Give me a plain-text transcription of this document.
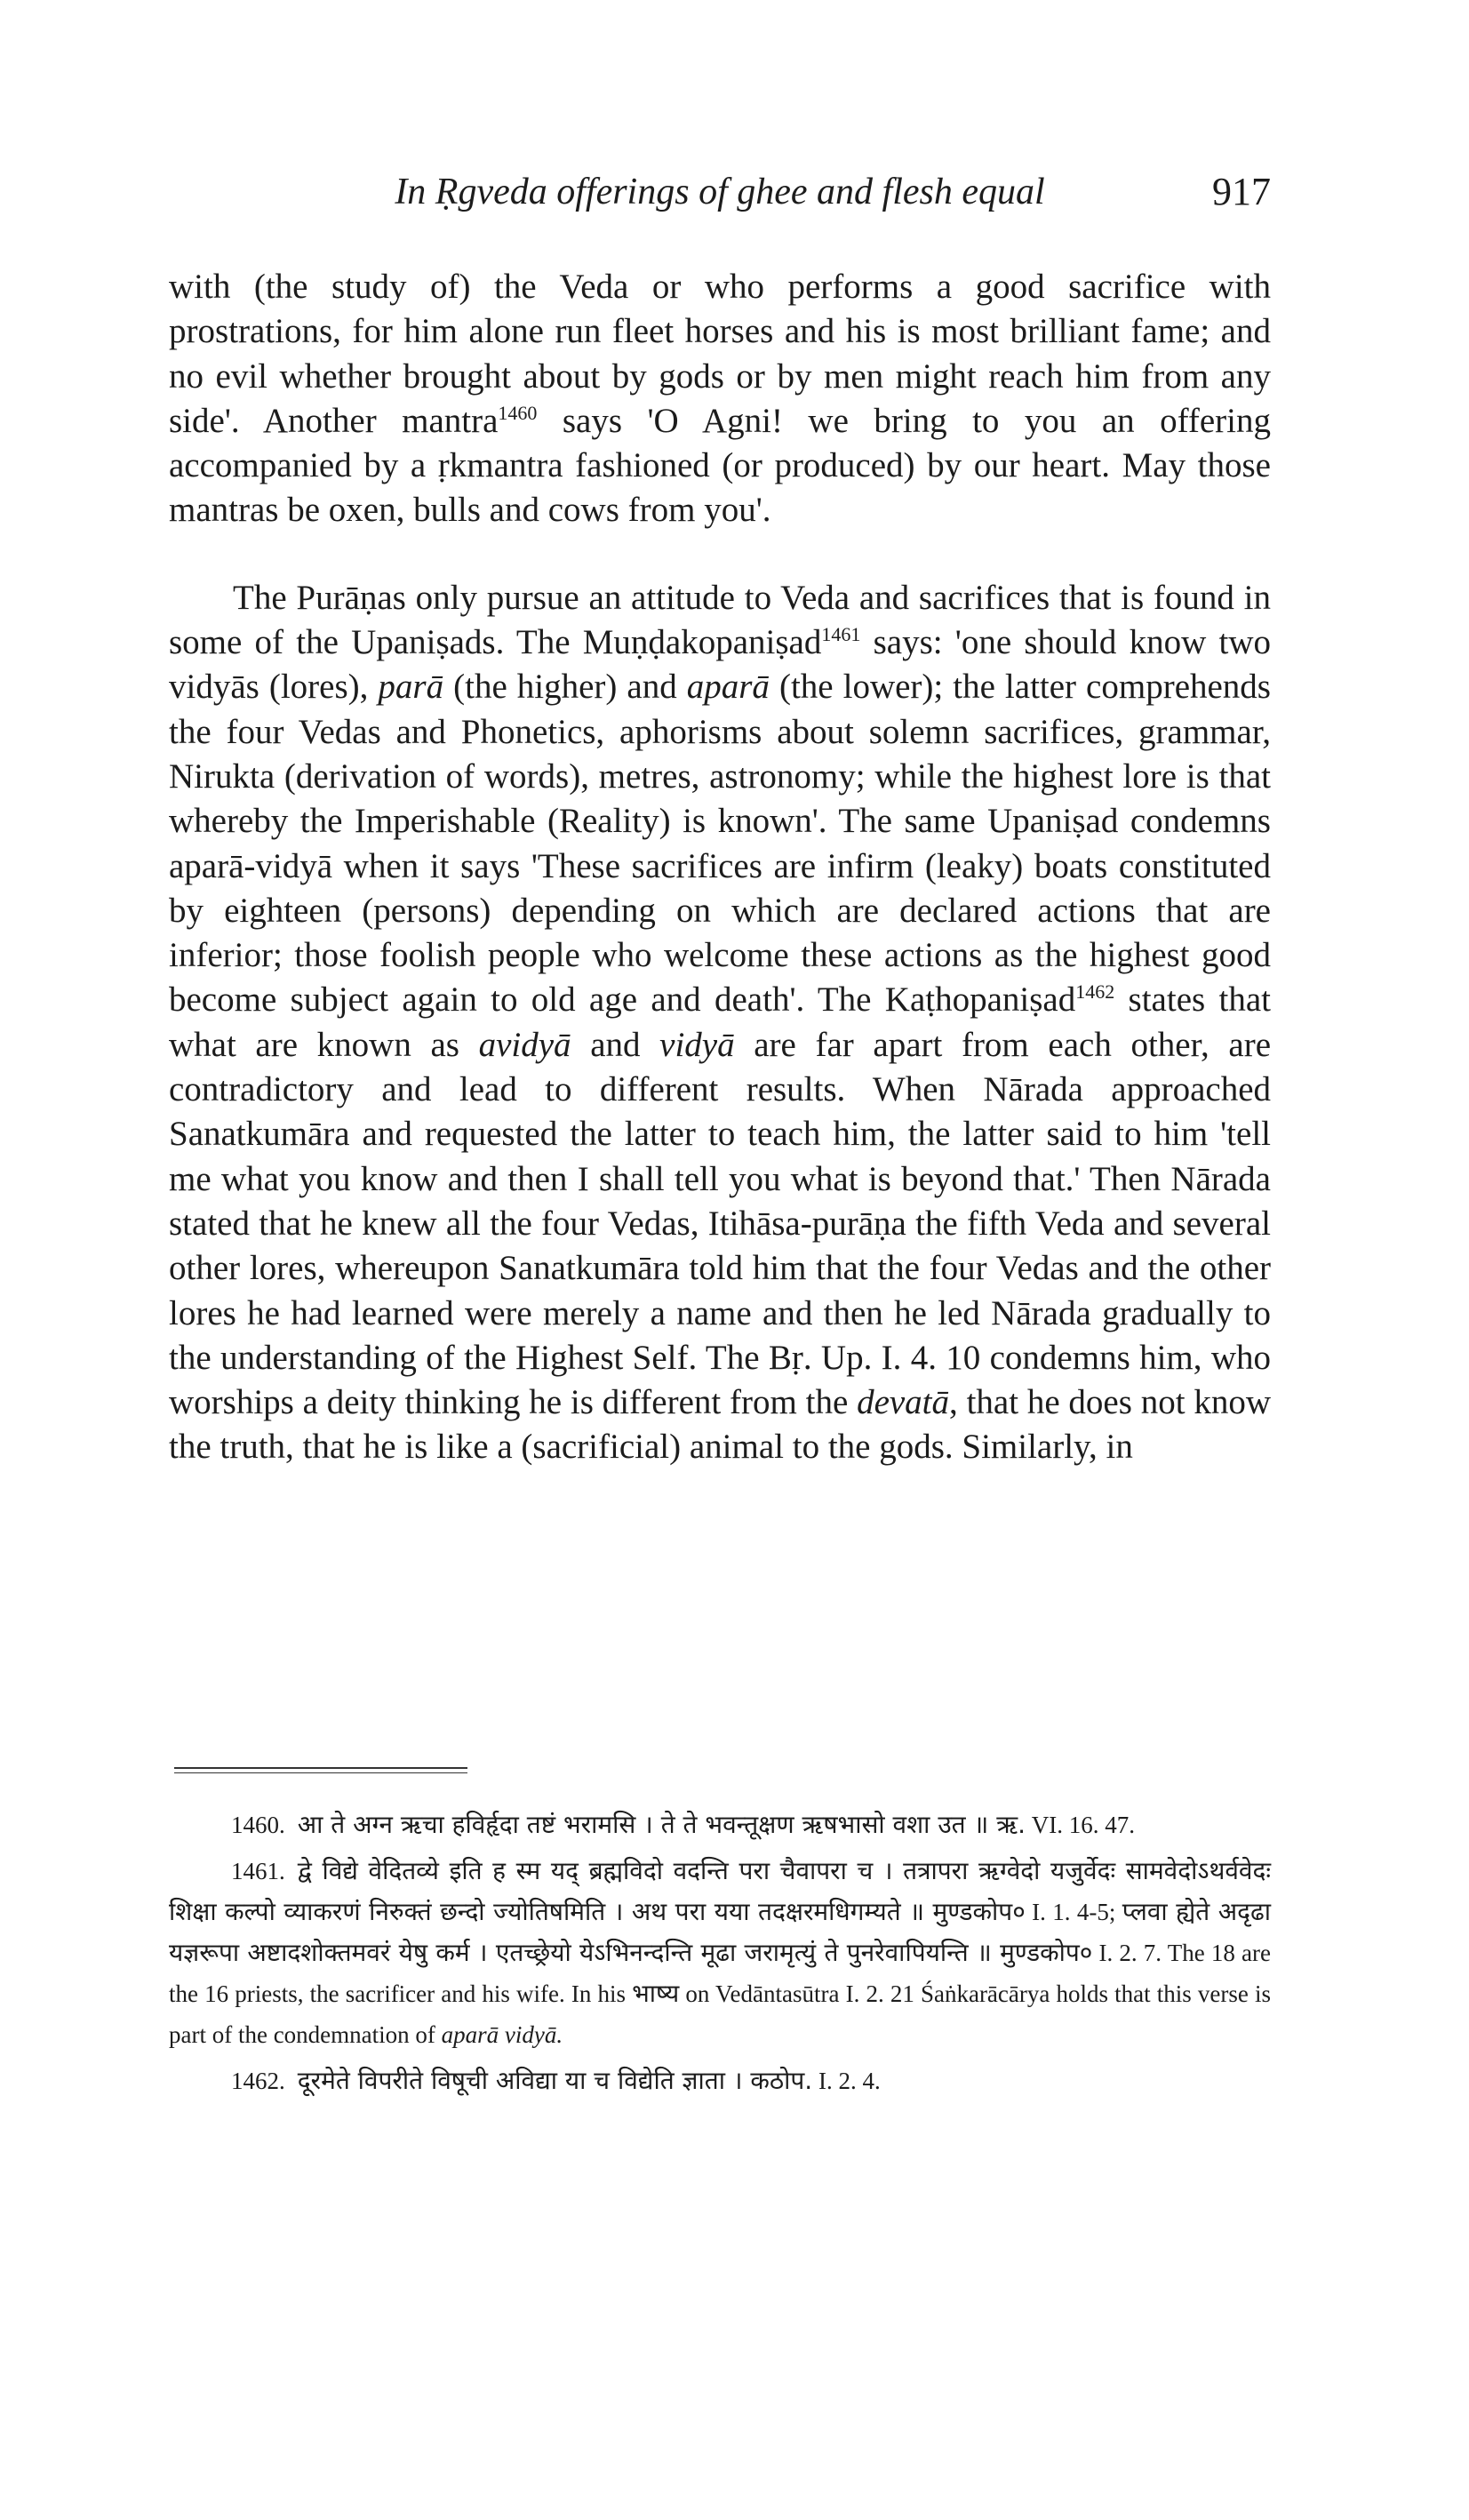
In Ṛgveda offerings of ghee and flesh equal	917

with (the study of) the Veda or who performs a good sacrifice with prostrations, for him alone run fleet horses and his is most brilliant fame; and no evil whether brought about by gods or by men might reach him from any side'. Another mantra$^{1460}$ says 'O Agni! we bring to you an offering accompanied by a ṛkmantra fashioned (or produced) by our heart. May those mantras be oxen, bulls and cows from you'.

The Purāṇas only pursue an attitude to Veda and sacrifices that is found in some of the Upaniṣads. The Muṇḍakopaniṣad$^{1461}$ says: 'one should know two vidyās (lores), parā (the higher) and aparā (the lower); the latter comprehends the four Vedas and Phonetics, aphorisms about solemn sacrifices, grammar, Nirukta (derivation of words), metres, astronomy; while the highest lore is that whereby the Imperishable (Reality) is known'. The same Upaniṣad condemns aparā-vidyā when it says 'These sacrifices are infirm (leaky) boats constituted by eighteen (persons) depending on which are declared actions that are inferior; those foolish people who welcome these actions as the highest good become subject again to old age and death'. The Kaṭhopaniṣad$^{1462}$ states that what are known as avidyā and vidyā are far apart from each other, are contradictory and lead to different results. When Nārada approached Sanatkumāra and requested the latter to teach him, the latter said to him 'tell me what you know and then I shall tell you what is beyond that.' Then Nārada stated that he knew all the four Vedas, Itihāsa-purāṇa the fifth Veda and several other lores, whereupon Sanatkumāra told him that the four Vedas and the other lores he had learned were merely a name and then he led Nārada gradually to the understanding of the Highest Self. The Bṛ. Up. I. 4. 10 condemns him, who worships a deity thinking he is different from the devatā, that he does not know the truth, that he is like a (sacrificial) animal to the gods. Similarly, in

1460. आ ते अग्न ऋचा हविर्हृदा तष्टं भरामसि । ते ते भवन्तूक्षण ऋषभासो वशा उत ॥ ऋ. VI. 16. 47.

1461. द्वे विद्ये वेदितव्ये इति ह स्म यद् ब्रह्मविदो वदन्ति परा चैवापरा च । तत्रापरा ऋग्वेदो यजुर्वेदः सामवेदोऽथर्ववेदः शिक्षा कल्पो व्याकरणं निरुक्तं छन्दो ज्योतिषमिति । अथ परा यया तदक्षरमधिगम्यते ॥ मुण्डकोप० I. 1. 4-5; प्लवा ह्येते अदृढा यज्ञरूपा अष्टादशोक्तमवरं येषु कर्म । एतच्छ्रेयो येऽभिनन्दन्ति मूढा जरामृत्युं ते पुनरेवापियन्ति ॥ मुण्डकोप० I. 2. 7. The 18 are the 16 priests, the sacrificer and his wife. In his भाष्य on Vedāntasūtra I. 2. 21 Śaṅkarācārya holds that this verse is part of the condemnation of aparā vidyā.

1462. दूरमेते विपरीते विषूची अविद्या या च विद्येति ज्ञाता । कठोप. I. 2. 4.
